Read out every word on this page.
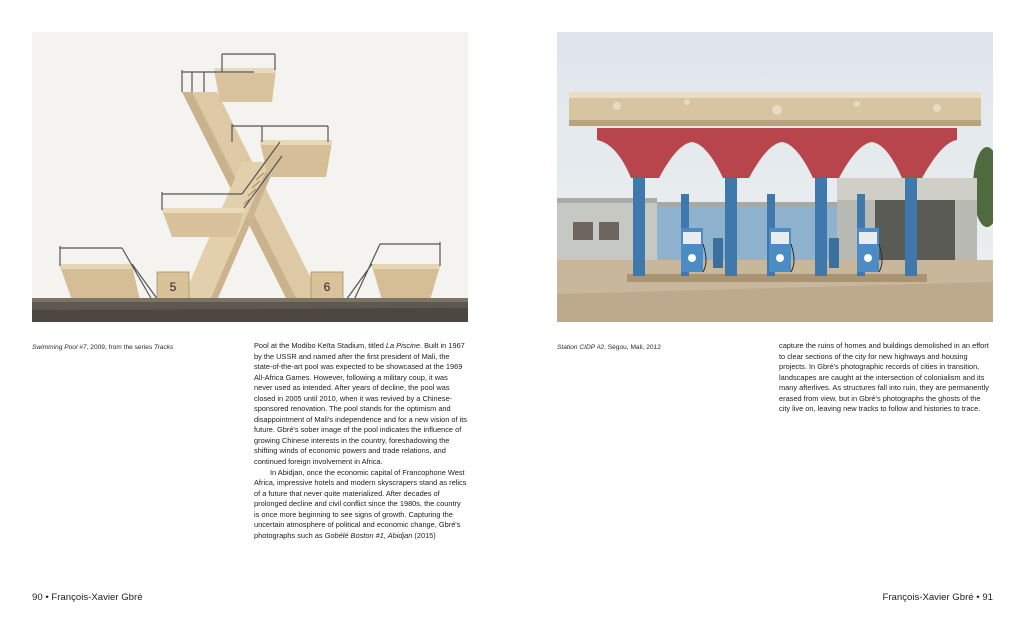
5	6
Swimming Pool #7, 2009, from the series Tracks	Station CIDP #2, Ségou, Mali, 2012

Pool at the Modibo Keïta Stadium, titled La Piscine. Built in 1967 by the USSR and named after the first president of Mali, the state-of-the-art pool was expected to be showcased at the 1969 All-Africa Games. However, following a military coup, it was never used as intended. After years of decline, the pool was closed in 2005 until 2010, when it was revived by a Chinese-sponsored renovation. The pool stands for the optimism and disappointment of Mali's independence and for a new vision of its future. Gbré's sober image of the pool indicates the influence of growing Chinese interests in the country, foreshadowing the shifting winds of economic powers and trade relations, and continued foreign involvement in Africa.

In Abidjan, once the economic capital of Francophone West Africa, impressive hotels and modern skyscrapers stand as relics of a future that never quite materialized. After decades of prolonged decline and civil conflict since the 1980s, the country is once more beginning to see signs of growth. Capturing the uncertain atmosphere of political and economic change, Gbré's photographs such as Gobélé Boston #1, Abidjan (2015)

capture the ruins of homes and buildings demolished in an effort to clear sections of the city for new highways and housing projects. In Gbré's photographic records of cities in transition, landscapes are caught at the intersection of colonialism and its many afterlives. As structures fall into ruin, they are permanently erased from view, but in Gbré's photographs the ghosts of the city live on, leaving new tracks to follow and histories to trace.

90 • François-Xavier Gbré	François-Xavier Gbré • 91
